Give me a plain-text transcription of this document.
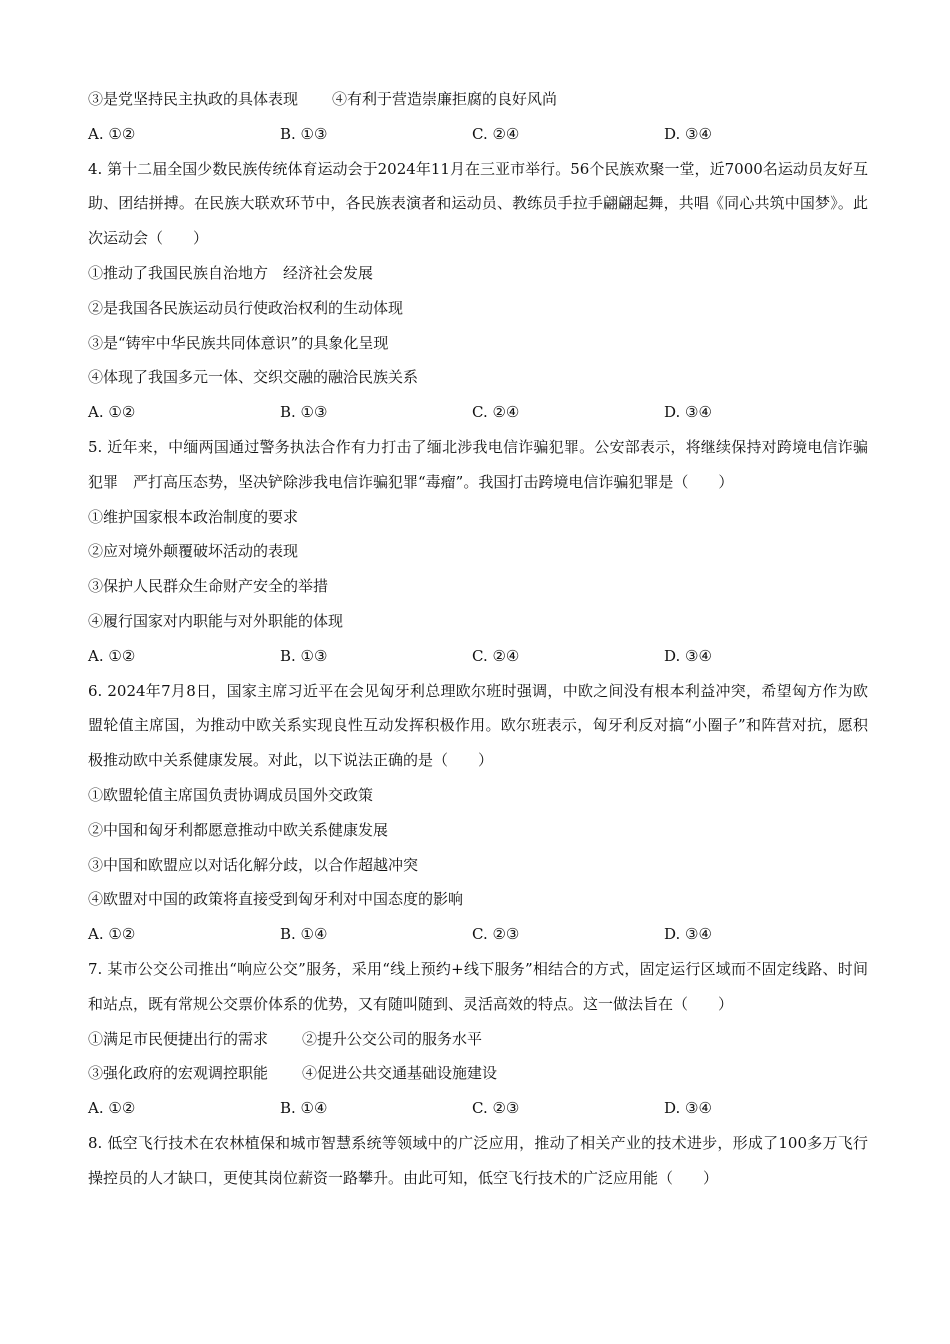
③是党坚持民主执政的具体表现 ④有利于营造崇廉拒腐的良好风尚
A. ①②	B. ①③	C. ②④	D. ③④
4. 第十二届全国少数民族传统体育运动会于2024年11月在三亚市举行。56个民族欢聚一堂，近7000名运动员友好互助、团结拼搏。在民族大联欢环节中，各民族表演者和运动员、教练员手拉手翩翩起舞，共唱《同心共筑中国梦》。此次运动会（　　）
①推动了我国民族自治地方　经济社会发展
②是我国各民族运动员行使政治权利的生动体现
③是“铸牢中华民族共同体意识”的具象化呈现
④体现了我国多元一体、交织交融的融洽民族关系
A. ①②	B. ①③	C. ②④	D. ③④
5. 近年来，中缅两国通过警务执法合作有力打击了缅北涉我电信诈骗犯罪。公安部表示，将继续保持对跨境电信诈骗犯罪　严打高压态势，坚决铲除涉我电信诈骗犯罪“毒瘤”。我国打击跨境电信诈骗犯罪是（　　）
①维护国家根本政治制度的要求
②应对境外颠覆破坏活动的表现
③保护人民群众生命财产安全的举措
④履行国家对内职能与对外职能的体现
A. ①②	B. ①③	C. ②④	D. ③④
6. 2024年7月8日，国家主席习近平在会见匈牙利总理欧尔班时强调，中欧之间没有根本利益冲突，希望匈方作为欧盟轮值主席国，为推动中欧关系实现良性互动发挥积极作用。欧尔班表示，匈牙利反对搞“小圈子”和阵营对抗，愿积极推动欧中关系健康发展。对此，以下说法正确的是（　　）
①欧盟轮值主席国负责协调成员国外交政策
②中国和匈牙利都愿意推动中欧关系健康发展
③中国和欧盟应以对话化解分歧，以合作超越冲突
④欧盟对中国的政策将直接受到匈牙利对中国态度的影响
A. ①②	B. ①④	C. ②③	D. ③④
7. 某市公交公司推出“响应公交”服务，采用“线上预约+线下服务”相结合的方式，固定运行区域而不固定线路、时间和站点，既有常规公交票价体系的优势，又有随叫随到、灵活高效的特点。这一做法旨在（　　）
①满足市民便捷出行的需求 ②提升公交公司的服务水平
③强化政府的宏观调控职能 ④促进公共交通基础设施建设
A. ①②	B. ①④	C. ②③	D. ③④
8. 低空飞行技术在农林植保和城市智慧系统等领域中的广泛应用，推动了相关产业的技术进步，形成了100多万飞行操控员的人才缺口，更使其岗位薪资一路攀升。由此可知，低空飞行技术的广泛应用能（　　）
